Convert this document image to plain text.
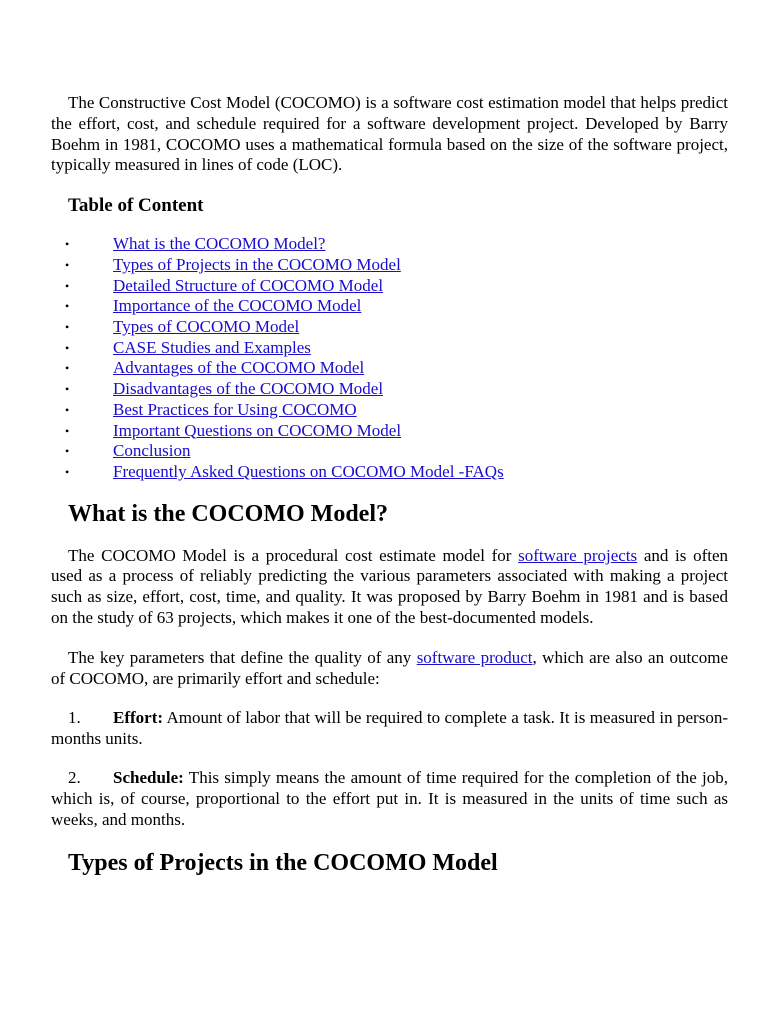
The Constructive Cost Model (COCOMO) is a software cost estimation model that helps predict the effort, cost, and schedule required for a software development project. Developed by Barry Boehm in 1981, COCOMO uses a mathematical formula based on the size of the software project, typically measured in lines of code (LOC).

Table of Content
•	What is the COCOMO Model?
•	Types of Projects in the COCOMO Model
•	Detailed Structure of COCOMO Model
•	Importance of the COCOMO Model
•	Types of COCOMO Model
•	CASE Studies and Examples
•	Advantages of the COCOMO Model
•	Disadvantages of the COCOMO Model
•	Best Practices for Using COCOMO
•	Important Questions on COCOMO Model
•	Conclusion
•	Frequently Asked Questions on COCOMO Model -FAQs
What is the COCOMO Model?

The COCOMO Model is a procedural cost estimate model for software projects and is often used as a process of reliably predicting the various parameters associated with making a project such as size, effort, cost, time, and quality. It was proposed by Barry Boehm in 1981 and is based on the study of 63 projects, which makes it one of the best-documented models.

The key parameters that define the quality of any software product, which are also an outcome of COCOMO, are primarily effort and schedule:

1. Effort: Amount of labor that will be required to complete a task. It is measured in person-months units.

2. Schedule: This simply means the amount of time required for the completion of the job, which is, of course, proportional to the effort put in. It is measured in the units of time such as weeks, and months.

Types of Projects in the COCOMO Model
